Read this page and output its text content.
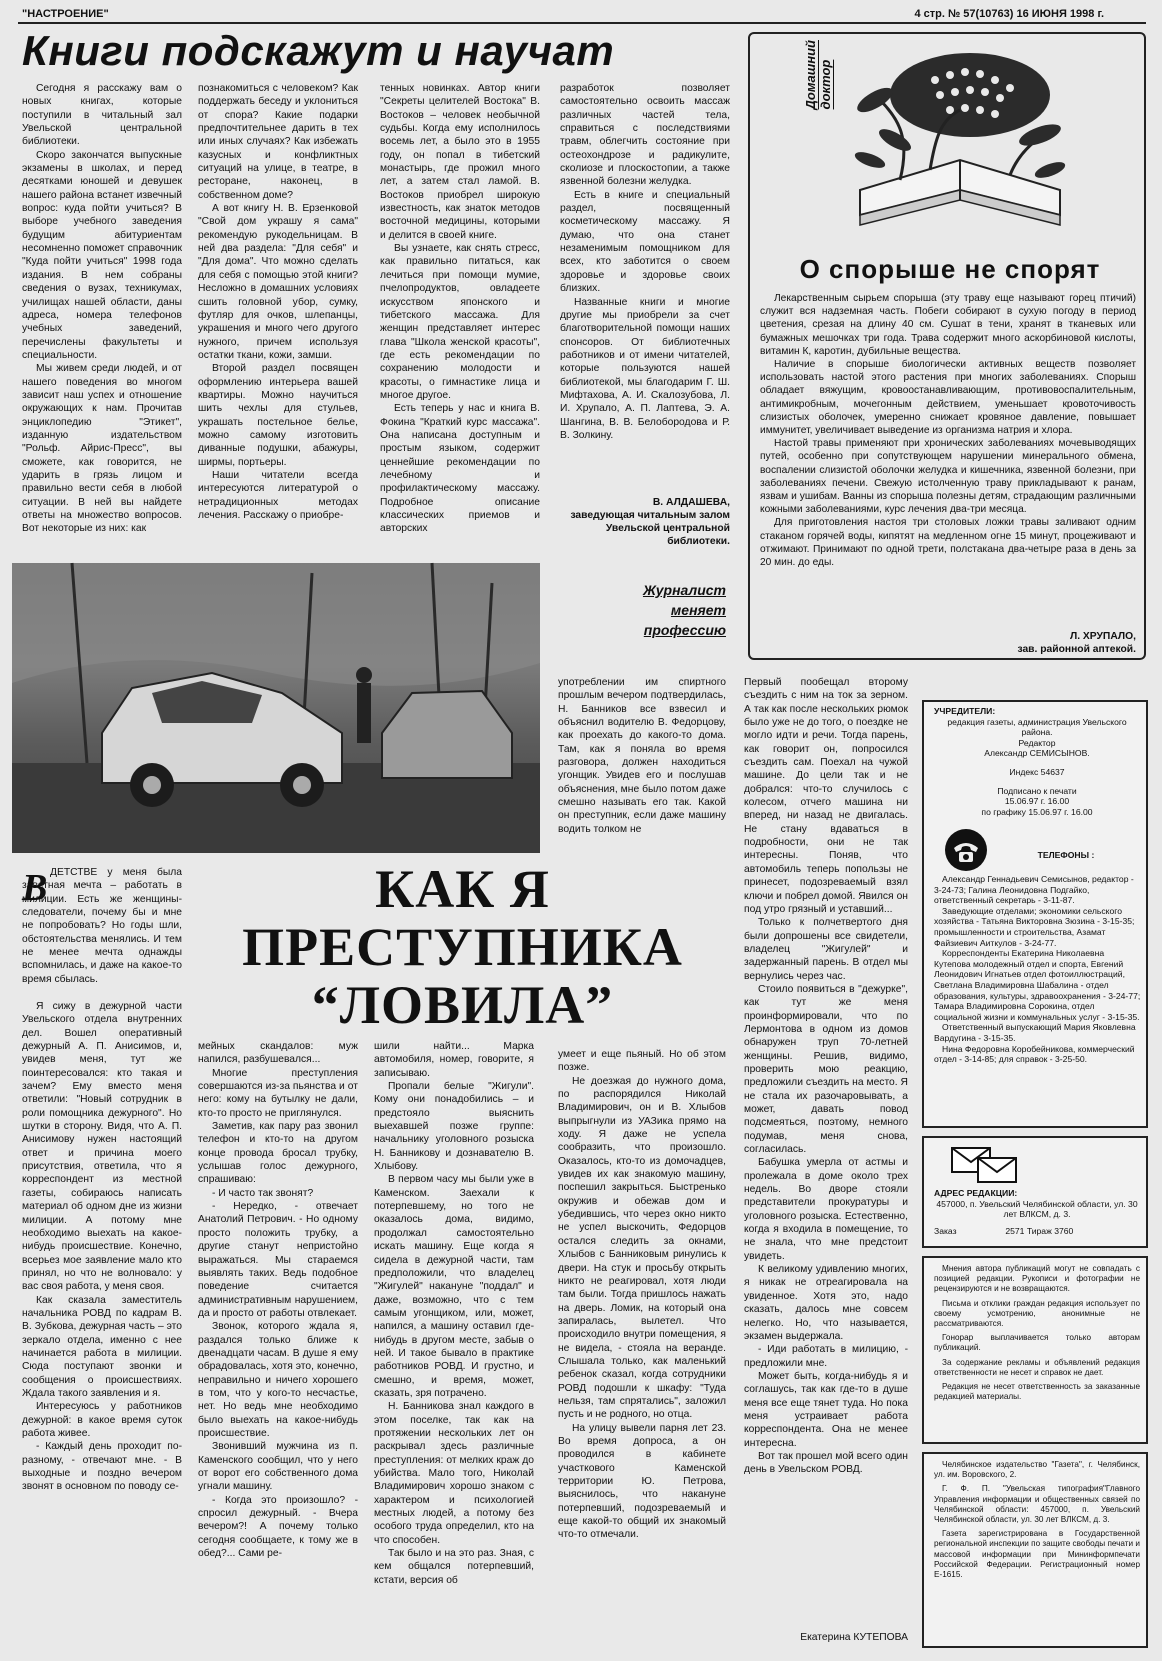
"НАСТРОЕНИЕ"	4 стр. № 57(10763) 16 ИЮНЯ 1998 г.
Книги подскажут и научат

Сегодня я расскажу вам о новых книгах, которые поступили в читальный зал Увельской центральной библиотеки.

Скоро закончатся выпускные экзамены в школах, и перед десятками юношей и девушек нашего района встанет извечный вопрос: куда пойти учиться? В выборе учебного заведения будущим абитуриентам несомненно поможет справочник "Куда пойти учиться" 1998 года издания. В нем собраны сведения о вузах, техникумах, училищах нашей области, даны адреса, номера телефонов учебных заведений, перечислены факультеты и специальности.

Мы живем среди людей, и от нашего поведения во многом зависит наш успех и отношение окружающих к нам. Прочитав энциклопедию "Этикет", изданную издательством "Рольф. Айрис-Пресс", вы сможете, как говорится, не ударить в грязь лицом и правильно вести себя в любой ситуации. В ней вы найдете ответы на множество вопросов. Вот некоторые из них: как

познакомиться с человеком? Как поддержать беседу и уклониться от спора? Какие подарки предпочтительнее дарить в тех или иных случаях? Как избежать казусных и конфликтных ситуаций на улице, в театре, в ресторане, наконец, в собственном доме?

А вот книгу Н. В. Ерзенковой "Свой дом украшу я сама" рекомендую рукодельницам. В ней два раздела: "Для себя" и "Для дома". Что можно сделать для себя с помощью этой книги? Несложно в домашних условиях сшить головной убор, сумку, футляр для очков, шлепанцы, украшения и много чего другого нужного, причем используя остатки ткани, кожи, замши.

Второй раздел посвящен оформлению интерьера вашей квартиры. Можно научиться шить чехлы для стульев, украшать постельное белье, можно самому изготовить диванные подушки, абажуры, ширмы, портьеры.

Наши читатели всегда интересуются литературой о нетрадиционных методах лечения. Расскажу о приобре-

тенных новинках. Автор книги "Секреты целителей Востока" В. Востоков – человек необычной судьбы. Когда ему исполнилось восемь лет, а было это в 1955 году, он попал в тибетский монастырь, где прожил много лет, а затем стал ламой. В. Востоков приобрел широкую известность, как знаток методов восточной медицины, которыми и делится в своей книге.

Вы узнаете, как снять стресс, как правильно питаться, как лечиться при помощи мумие, пчелопродуктов, овладеете искусством японского и тибетского массажа. Для женщин представляет интерес глава "Школа женской красоты", где есть рекомендации по сохранению молодости и красоты, о гимнастике лица и многое другое.

Есть теперь у нас и книга В. Фокина "Краткий курс массажа". Она написана доступным и простым языком, содержит ценнейшие рекомендации по лечебному и профилактическому массажу. Подробное описание классических приемов и авторских

разработок позволяет самостоятельно освоить массаж различных частей тела, справиться с последствиями травм, облегчить состояние при остеохондрозе и радикулите, сколиозе и плоскостопии, а также язвенной болезни желудка.

Есть в книге и специальный раздел, посвященный косметическому массажу. Я думаю, что она станет незаменимым помощником для всех, кто заботится о своем здоровье и здоровье своих близких.

Названные книги и многие другие мы приобрели за счет благотворительной помощи наших спонсоров. От библиотечных работников и от имени читателей, которые пользуются нашей библиотекой, мы благодарим Г. Ш. Мифтахова, А. И. Скалозубова, Л. И. Хрупало, А. П. Лаптева, Э. А. Шангина, В. В. Белобородова и Р. В. Золкину.

В. АЛДАШЕВА,
заведующая читальным залом Увельской центральной библиотеки.
Домашний
доктор
О спорыше не спорят

Лекарственным сырьем спорыша (эту траву еще называют горец птичий) служит вся надземная часть. Побеги собирают в сухую погоду в период цветения, срезая на длину 40 см. Сушат в тени, хранят в тканевых или бумажных мешочках три года. Трава содержит много аскорбиновой кислоты, витамин К, каротин, дубильные вещества.

Наличие в спорыше биологически активных веществ позволяет использовать настой этого растения при многих заболеваниях. Спорыш обладает вяжущим, кровоостанавливающим, противовоспалительным, антимикробным, мочегонным действием, уменьшает кровоточивость слизистых оболочек, умеренно снижает кровяное давление, повышает иммунитет, увеличивает выведение из организма натрия и хлора.

Настой травы применяют при хронических заболеваниях мочевыводящих путей, особенно при сопутствующем нарушении минерального обмена, воспалении слизистой оболочки желудка и кишечника, язвенной болезни, при заболеваниях печени. Свежую истолченную траву прикладывают к ранам, язвам и ушибам. Ванны из спорыша полезны детям, страдающим различными кожными заболеваниями, курс лечения два-три месяца.

Для приготовления настоя три столовых ложки травы заливают одним стаканом горячей воды, кипятят на медленном огне 15 минут, процеживают и отжимают. Принимают по одной трети, полстакана два-четыре раза в день за 20 мин. до еды.

Л. ХРУПАЛО,
зав. районной аптекой.
Журналист
меняет
профессию
В ДЕТСТВЕ у меня была заветная мечта – работать в милиции. Есть же женщины-следователи, почему бы и мне не попробовать? Но годы шли, обстоятельства менялись. И тем не менее мечта однажды вспомнилась, и даже на какое-то время сбылась.
КАК Я
ПРЕСТУПНИКА
“ЛОВИЛА”

Я сижу в дежурной части Увельского отдела внутренних дел. Вошел оперативный дежурный А. П. Анисимов, и, увидев меня, тут же поинтересовался: кто такая и зачем? Ему вместо меня ответили: "Новый сотрудник в роли помощника дежурного". Но шутки в сторону. Видя, что А. П. Анисимову нужен настоящий ответ и причина моего присутствия, ответила, что я корреспондент из местной газеты, собираюсь написать материал об одном дне из жизни милиции. А потому мне необходимо выехать на какое-нибудь происшествие. Конечно, всерьез мое заявление мало кто принял, но что не волновало: у вас своя работа, у меня своя.

Как сказала заместитель начальника РОВД по кадрам В. В. Зубкова, дежурная часть – это зеркало отдела, именно с нее начинается работа в милиции. Сюда поступают звонки и сообщения о происшествиях. Ждала такого заявления и я.

Интересуюсь у работников дежурной: в какое время суток работа живее.

- Каждый день проходит по-разному, - отвечают мне. - В выходные и поздно вечером звонят в основном по поводу се-

мейных скандалов: муж напился, разбушевался...

Многие преступления совершаются из-за пьянства и от него: кому на бутылку не дали, кто-то просто не приглянулся.

Заметив, как пару раз звонил телефон и кто-то на другом конце провода бросал трубку, услышав голос дежурного, спрашиваю:

- И часто так звонят?

- Нередко, - отвечает Анатолий Петрович. - Но одному просто положить трубку, а другие станут непристойно выражаться. Мы стараемся выявлять таких. Ведь подобное поведение считается административным нарушением, да и просто от работы отвлекает.

Звонок, которого ждала я, раздался только ближе к двенадцати часам. В душе я ему обрадовалась, хотя это, конечно, неправильно и ничего хорошего в том, что у кого-то несчастье, нет. Но ведь мне необходимо было выехать на какое-нибудь происшествие.

Звонивший мужчина из п. Каменского сообщил, что у него от ворот его собственного дома угнали машину.

- Когда это произошло? - спросил дежурный. - Вчера вечером?! А почему только сегодня сообщаете, к тому же в обед?... Сами ре-

шили найти... Марка автомобиля, номер, говорите, я записываю.

Пропали белые "Жигули". Кому они понадобились – и предстояло выяснить выехавшей позже группе: начальнику уголовного розыска Н. Банникову и дознавателю В. Хлыбову.

В первом часу мы были уже в Каменском. Заехали к потерпевшему, но того не оказалось дома, видимо, продолжал самостоятельно искать машину. Еще когда я сидела в дежурной части, там предположили, что владелец "Жигулей" накануне "поддал" и даже, возможно, что с тем самым угонщиком, или, может, напился, а машину оставил где-нибудь в другом месте, забыв о ней. И такое бывало в практике работников РОВД. И грустно, и смешно, и время, может, сказать, зря потрачено.

Н. Банникова знал каждого в этом поселке, так как на протяжении нескольких лет он раскрывал здесь различные преступления: от мелких краж до убийства. Мало того, Николай Владимирович хорошо знаком с характером и психологией местных людей, а потому без особого труда определил, кто на что способен.

Так было и на это раз. Зная, с кем общался потерпевший, кстати, версия об

употреблении им спиртного прошлым вечером подтвердилась, Н. Банников все взвесил и объяснил водителю В. Федорцову, как проехать до какого-то дома. Там, как я поняла во время разговора, должен находиться угонщик. Увидев его и послушав объяснения, мне было потом даже смешно называть его так. Какой он преступник, если даже машину водить толком не

умеет и еще пьяный. Но об этом позже.

Не доезжая до нужного дома, по распорядился Николай Владимирович, он и В. Хлыбов выпрыгнули из УАЗика прямо на ходу. Я даже не успела сообразить, что произошло. Оказалось, кто-то из домочадцев, увидев их как знакомую машину, поспешил закрыться. Быстренько окружив и обежав дом и убедившись, что через окно никто не успел выскочить, Федорцов остался следить за окнами, Хлыбов с Банниковым ринулись к двери. На стук и просьбу открыть никто не реагировал, хотя люди там были. Тогда пришлось нажать на дверь. Ломик, на который она запиралась, вылетел. Что происходило внутри помещения, я не видела, - стояла на веранде. Слышала только, как маленький ребенок сказал, когда сотрудники РОВД подошли к шкафу: "Туда нельзя, там спрятались", заложил пусть и не родного, но отца.

На улицу вывели парня лет 23. Во время допроса, а он проводился в кабинете участкового Каменской территории Ю. Петрова, выяснилось, что накануне потерпевший, подозреваемый и еще какой-то общий их знакомый что-то отмечали.

Первый пообещал второму съездить с ним на ток за зерном. А так как после нескольких рюмок было уже не до того, о поездке не могло идти и речи. Тогда парень, как говорит он, попросился съездить сам. Поехал на чужой машине. До цели так и не добрался: что-то случилось с колесом, отчего машина ни вперед, ни назад не двигалась. Не стану вдаваться в подробности, они не так интересны. Поняв, что автомобиль теперь попользы не принесет, подозреваемый взял ключи и побрел домой. Явился он под утро грязный и уставший...

Только к полчетвертого дня были допрошены все свидетели, владелец "Жигулей" и задержанный парень. В отдел мы вернулись через час.

Стоило появиться в "дежурке", как тут же меня проинформировали, что по Лермонтова в одном из домов обнаружен труп 70-летней женщины. Решив, видимо, проверить мою реакцию, предложили съездить на место. Я не стала их разочаровывать, а может, давать повод подсмеяться, поэтому, немного подумав, меня снова, согласилась.

Бабушка умерла от астмы и пролежала в доме около трех недель. Во дворе стояли представители прокуратуры и уголовного розыска. Естественно, когда я входила в помещение, то не знала, что мне предстоит увидеть.

К великому удивлению многих, я никак не отреагировала на увиденное. Хотя это, надо сказать, далось мне совсем нелегко. Но, что называется, экзамен выдержала.

- Иди работать в милицию, - предложили мне.

Может быть, когда-нибудь я и соглашусь, так как где-то в душе меня все еще тянет туда. Но пока меня устраивает работа корреспондента. Она не менее интересна.

Вот так прошел мой всего один день в Увельском РОВД.

Екатерина КУТЕПОВА
УЧРЕДИТЕЛИ:
редакция газеты, администрация Увельского района.
Редактор
Александр СЕМИСЫНОВ.
Индекс 54637
Подписано к печати
15.06.97 г. 16.00
по графику 15.06.97 г. 16.00
ТЕЛЕФОНЫ :
Александр Геннадьевич Семисынов, редактор - 3-24-73; Галина Леонидовна Подгайко, ответственный секретарь - 3-11-87.
Заведующие отделами; экономики сельского хозяйства - Татьяна Викторовна Зюзина - 3-15-35; промышленности и строительства, Азамат Файзиевич Аиткулов - 3-24-77.
Корреспонденты Екатерина Николаевна Кутепова молодежный отдел и спорта, Евгений Леонидович Игнатьев отдел фотоиллюстраций, Светлана Владимировна Шабалина - отдел образования, культуры, здравоохранения - 3-24-77; Тамара Владимировна Сорокина, отдел социальной жизни и коммунальных услуг - 3-15-35.
Ответственный выпускающий Мария Яковлевна Вардугина - 3-15-35.
Нина Федоровна Коробейникова, коммерческий отдел - 3-14-85; для справок - 3-25-50.
АДРЕС РЕДАКЦИИ:
457000, п. Увельский Челябинской области, ул. 30 лет ВЛКСМ, д. 3.
Заказ	2571 Тираж 3760

Мнения автора публикаций могут не совпадать с позицией редакции. Рукописи и фотографии не рецензируются и не возвращаются.

Письма и отклики граждан редакция использует по своему усмотрению, анонимные не рассматриваются.

Гонорар выплачивается только авторам публикаций.

За содержание рекламы и объявлений редакция ответственности не несет и справок не дает.

Редакция не несет ответственность за заказанные редакцией материалы.

Челябинское издательство "Газета", г. Челябинск, ул. им. Воровского, 2.

Г. Ф. П. "Увельская типография"Главного Управления информации и общественных связей по Челябинской области: 457000, п. Увельский Челябинской области, ул. 30 лет ВЛКСМ, д. 3.

Газета зарегистрирована в Государственной региональной инспекции по защите свободы печати и массовой информации при Мининформпечати Российской Федерации. Регистрационный номер Е-1615.
